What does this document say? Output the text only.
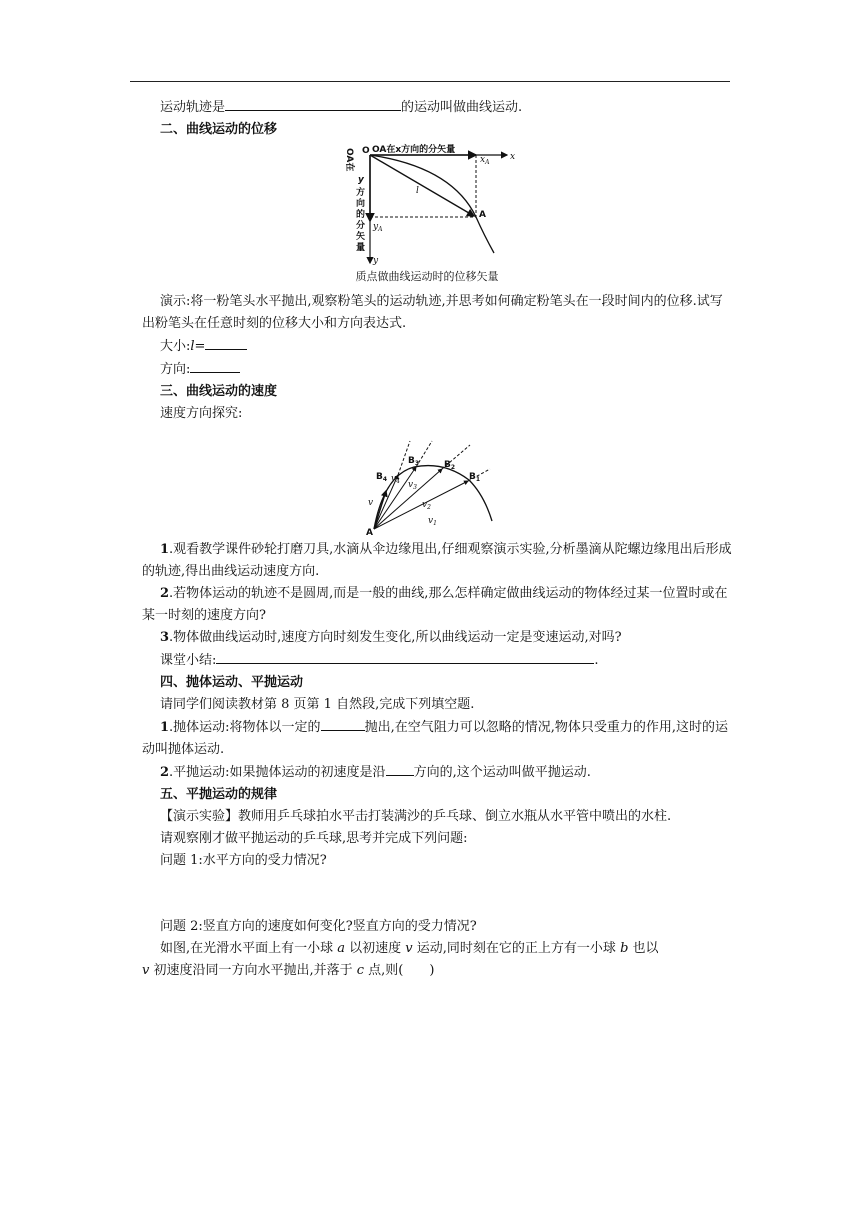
运动轨迹是	的运动叫做曲线运动.

二、曲线运动的位移

O OA在x方向的分矢量
x
$x_A$
l
A
$y_A$
y
OA在
y
方
向
的
分
矢
量

质点做曲线运动时的位移矢量

演示:将一粉笔头水平抛出,观察粉笔头的运动轨迹,并思考如何确定粉笔头在一段时间内的位移.试写出粉笔头在任意时刻的位移大小和方向表达式.

大小:l=

方向:

三、曲线运动的速度

速度方向探究:

A
$B_1$
$B_2$
$B_3$
$B_4$
v
$v_1$
$v_2$
$v_3$
$v_4$

1.观看教学课件砂轮打磨刀具,水滴从伞边缘甩出,仔细观察演示实验,分析墨滴从陀螺边缘甩出后形成的轨迹,得出曲线运动速度方向.

2.若物体运动的轨迹不是圆周,而是一般的曲线,那么怎样确定做曲线运动的物体经过某一位置时或在某一时刻的速度方向?

3.物体做曲线运动时,速度方向时刻发生变化,所以曲线运动一定是变速运动,对吗?

课堂小结:	.

四、抛体运动、平抛运动

请同学们阅读教材第 8 页第 1 自然段,完成下列填空题.

1.抛体运动:将物体以一定的	抛出,在空气阻力可以忽略的情况,物体只受重力的作用,这时的运动叫抛体运动.

2.平抛运动:如果抛体运动的初速度是沿 方向的,这个运动叫做平抛运动.

五、平抛运动的规律

【演示实验】教师用乒乓球拍水平击打装满沙的乒乓球、倒立水瓶从水平管中喷出的水柱.

请观察刚才做平抛运动的乒乓球,思考并完成下列问题:

问题 1:水平方向的受力情况?

问题 2:竖直方向的速度如何变化?竖直方向的受力情况?

如图,在光滑水平面上有一小球 a 以初速度 v 运动,同时刻在它的正上方有一小球 b 也以
v 初速度沿同一方向水平抛出,并落于 c 点,则(　　)
